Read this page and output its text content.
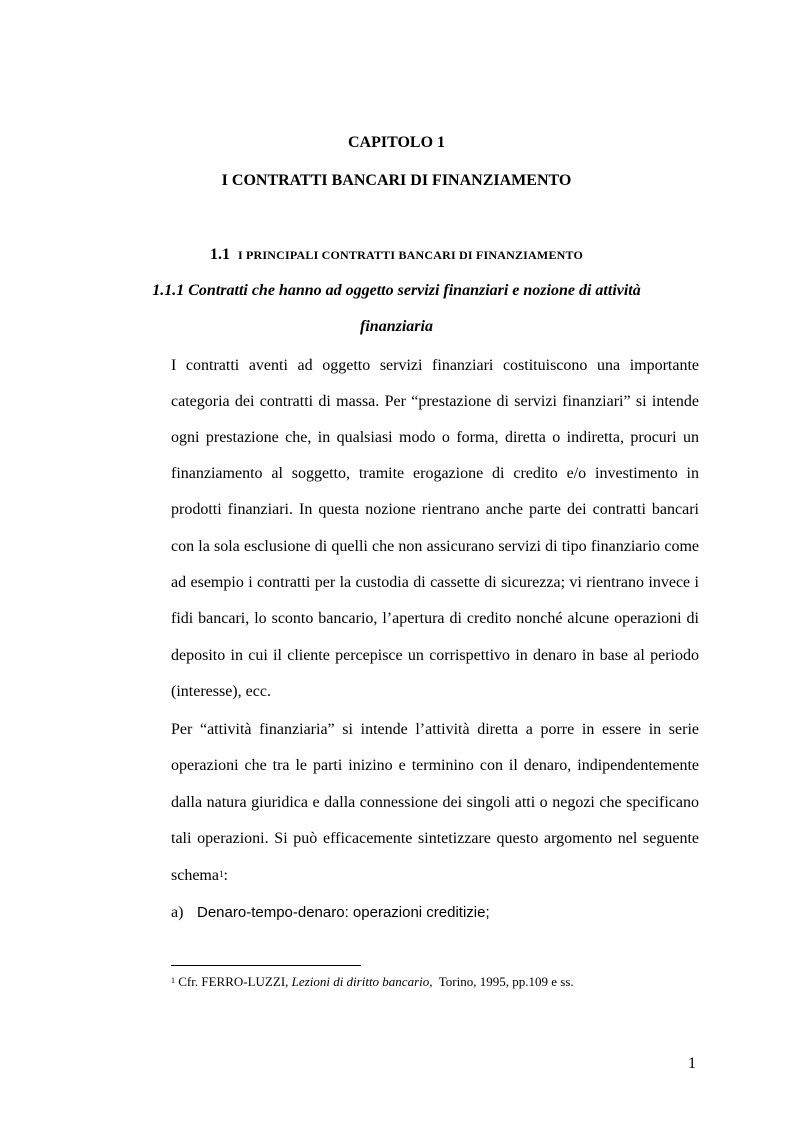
CAPITOLO 1
I CONTRATTI BANCARI DI FINANZIAMENTO
1.1 I PRINCIPALI CONTRATTI BANCARI DI FINANZIAMENTO
1.1.1 Contratti che hanno ad oggetto servizi finanziari e nozione di attività
finanziaria
I contratti aventi ad oggetto servizi finanziari costituiscono una importante
categoria dei contratti di massa. Per “prestazione di servizi finanziari” si intende
ogni prestazione che, in qualsiasi modo o forma, diretta o indiretta, procuri un
finanziamento al soggetto, tramite erogazione di credito e/o investimento in
prodotti finanziari. In questa nozione rientrano anche parte dei contratti bancari
con la sola esclusione di quelli che non assicurano servizi di tipo finanziario come
ad esempio i contratti per la custodia di cassette di sicurezza; vi rientrano invece i
fidi bancari, lo sconto bancario, l’apertura di credito nonché alcune operazioni di
deposito in cui il cliente percepisce un corrispettivo in denaro in base al periodo
(interesse), ecc.
Per “attività finanziaria” si intende l’attività diretta a porre in essere in serie
operazioni che tra le parti inizino e terminino con il denaro, indipendentemente
dalla natura giuridica e dalla connessione dei singoli atti o negozi che specificano
tali operazioni. Si può efficacemente sintetizzare questo argomento nel seguente
schema$^1$:
a) Denaro-tempo-denaro: operazioni creditizie;
$^1$ Cfr. FERRO-LUZZI, Lezioni di diritto bancario, Torino, 1995, pp.109 e ss.
1
